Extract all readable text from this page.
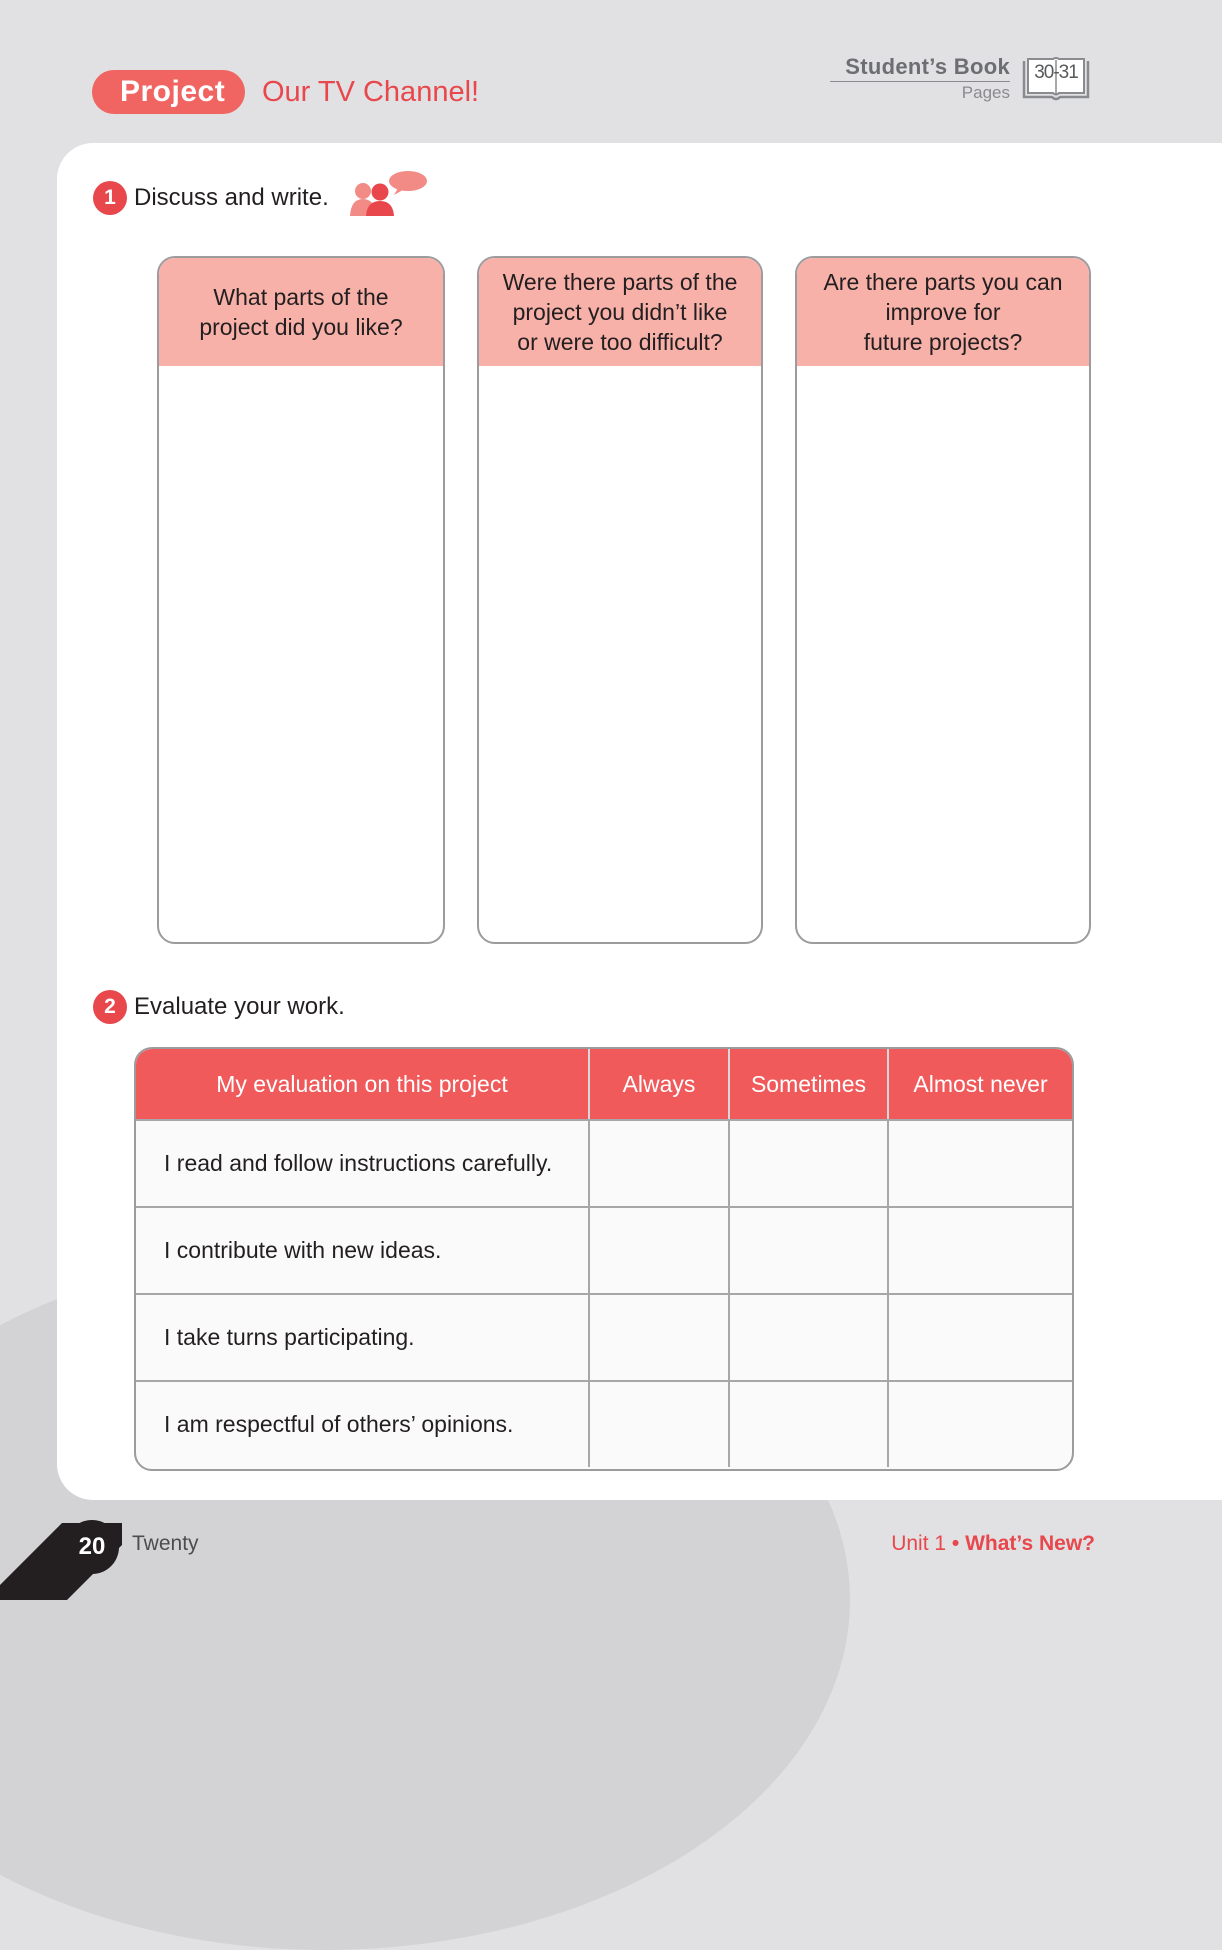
Project	Our TV Channel!
Student’s Book
Pages
30-31
1 Discuss and write.
What parts of the
project did you like?
Were there parts of the
project you didn’t like
or were too difficult?
Are there parts you can
improve for
future projects?
2 Evaluate your work.
My evaluation on this project	Always	Sometimes	Almost never
I read and follow instructions carefully.
I contribute with new ideas.
I take turns participating.
I am respectful of others’ opinions.
20	Twenty	Unit 1 • What’s New?
